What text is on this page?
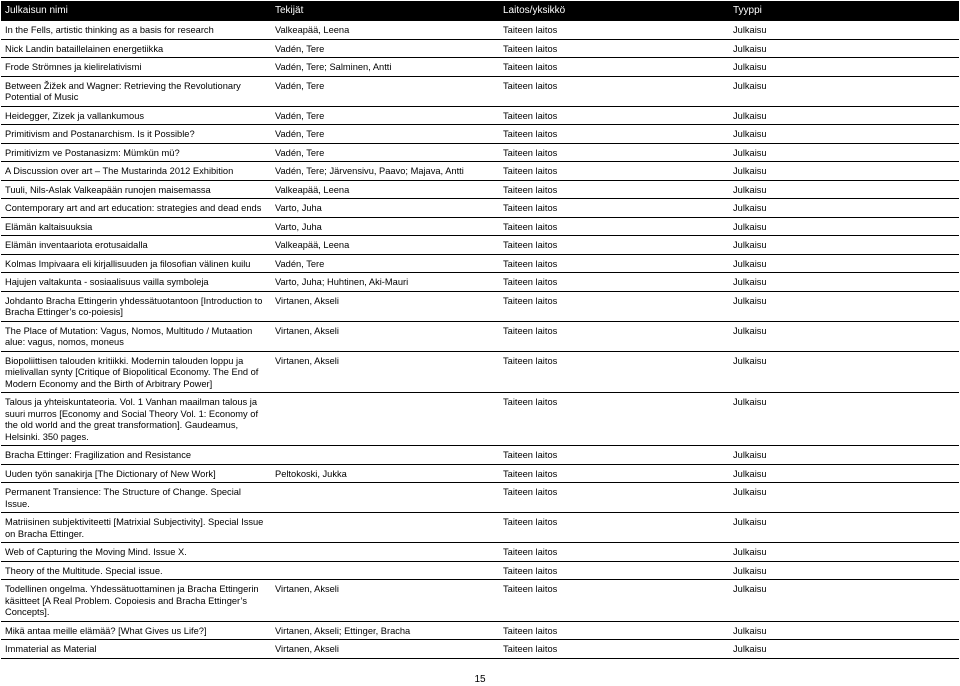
Julkaisun nimi	Tekijät	Laitos/yksikkö	Tyyppi
In the Fells, artistic thinking as a basis for research	Valkeapää, Leena	Taiteen laitos	Julkaisu
Nick Landin bataillelainen energetiikka	Vadén, Tere	Taiteen laitos	Julkaisu
Frode Strömnes ja kielirelativismi	Vadén, Tere; Salminen, Antti	Taiteen laitos	Julkaisu
Between Žižek and Wagner: Retrieving the Revolutionary Potential of Music	Vadén, Tere	Taiteen laitos	Julkaisu
Heidegger, Zizek ja vallankumous	Vadén, Tere	Taiteen laitos	Julkaisu
Primitivism and Postanarchism. Is it Possible?	Vadén, Tere	Taiteen laitos	Julkaisu
Primitivizm ve Postanasizm: Mümkün mü?	Vadén, Tere	Taiteen laitos	Julkaisu
A Discussion over art – The Mustarinda 2012 Exhibition	Vadén, Tere; Järvensivu, Paavo; Majava, Antti	Taiteen laitos	Julkaisu
Tuuli, Nils-Aslak Valkeapään runojen maisemassa	Valkeapää, Leena	Taiteen laitos	Julkaisu
Contemporary art and art education: strategies and dead ends	Varto, Juha	Taiteen laitos	Julkaisu
Elämän kaltaisuuksia	Varto, Juha	Taiteen laitos	Julkaisu
Elämän inventaariota erotusaidalla	Valkeapää, Leena	Taiteen laitos	Julkaisu
Kolmas Impivaara eli kirjallisuuden ja filosofian välinen kuilu	Vadén, Tere	Taiteen laitos	Julkaisu
Hajujen valtakunta - sosiaalisuus vailla symboleja	Varto, Juha; Huhtinen, Aki-Mauri	Taiteen laitos	Julkaisu
Johdanto Bracha Ettingerin yhdessätuotantoon [Introduction to Bracha Ettinger’s co-poiesis]	Virtanen, Akseli	Taiteen laitos	Julkaisu
The Place of Mutation: Vagus, Nomos, Multitudo / Mutaation alue: vagus, nomos, moneus	Virtanen, Akseli	Taiteen laitos	Julkaisu
Biopoliittisen talouden kritiikki. Modernin talouden loppu ja mielivallan synty [Critique of Biopolitical Economy. The End of Modern Economy and the Birth of Arbitrary Power]	Virtanen, Akseli	Taiteen laitos	Julkaisu
Talous ja yhteiskuntateoria. Vol. 1 Vanhan maailman talous ja suuri murros [Economy and Social Theory Vol. 1: Economy of the old world and the great transformation]. Gaudeamus, Helsinki. 350 pages.		Taiteen laitos	Julkaisu
Bracha Ettinger: Fragilization and Resistance		Taiteen laitos	Julkaisu
Uuden työn sanakirja [The Dictionary of New Work]	Peltokoski, Jukka	Taiteen laitos	Julkaisu
Permanent Transience: The Structure of Change. Special Issue.		Taiteen laitos	Julkaisu
Matriisinen subjektiviteetti [Matrixial Subjectivity]. Special Issue on Bracha Ettinger.		Taiteen laitos	Julkaisu
Web of Capturing the Moving Mind. Issue X.		Taiteen laitos	Julkaisu
Theory of the Multitude. Special issue.		Taiteen laitos	Julkaisu
Todellinen ongelma. Yhdessätuottaminen ja Bracha Ettingerin käsitteet [A Real Problem. Copoiesis and Bracha Ettinger’s Concepts].	Virtanen, Akseli	Taiteen laitos	Julkaisu
Mikä antaa meille elämää? [What Gives us Life?]	Virtanen, Akseli; Ettinger, Bracha	Taiteen laitos	Julkaisu
Immaterial as Material	Virtanen, Akseli	Taiteen laitos	Julkaisu
15
